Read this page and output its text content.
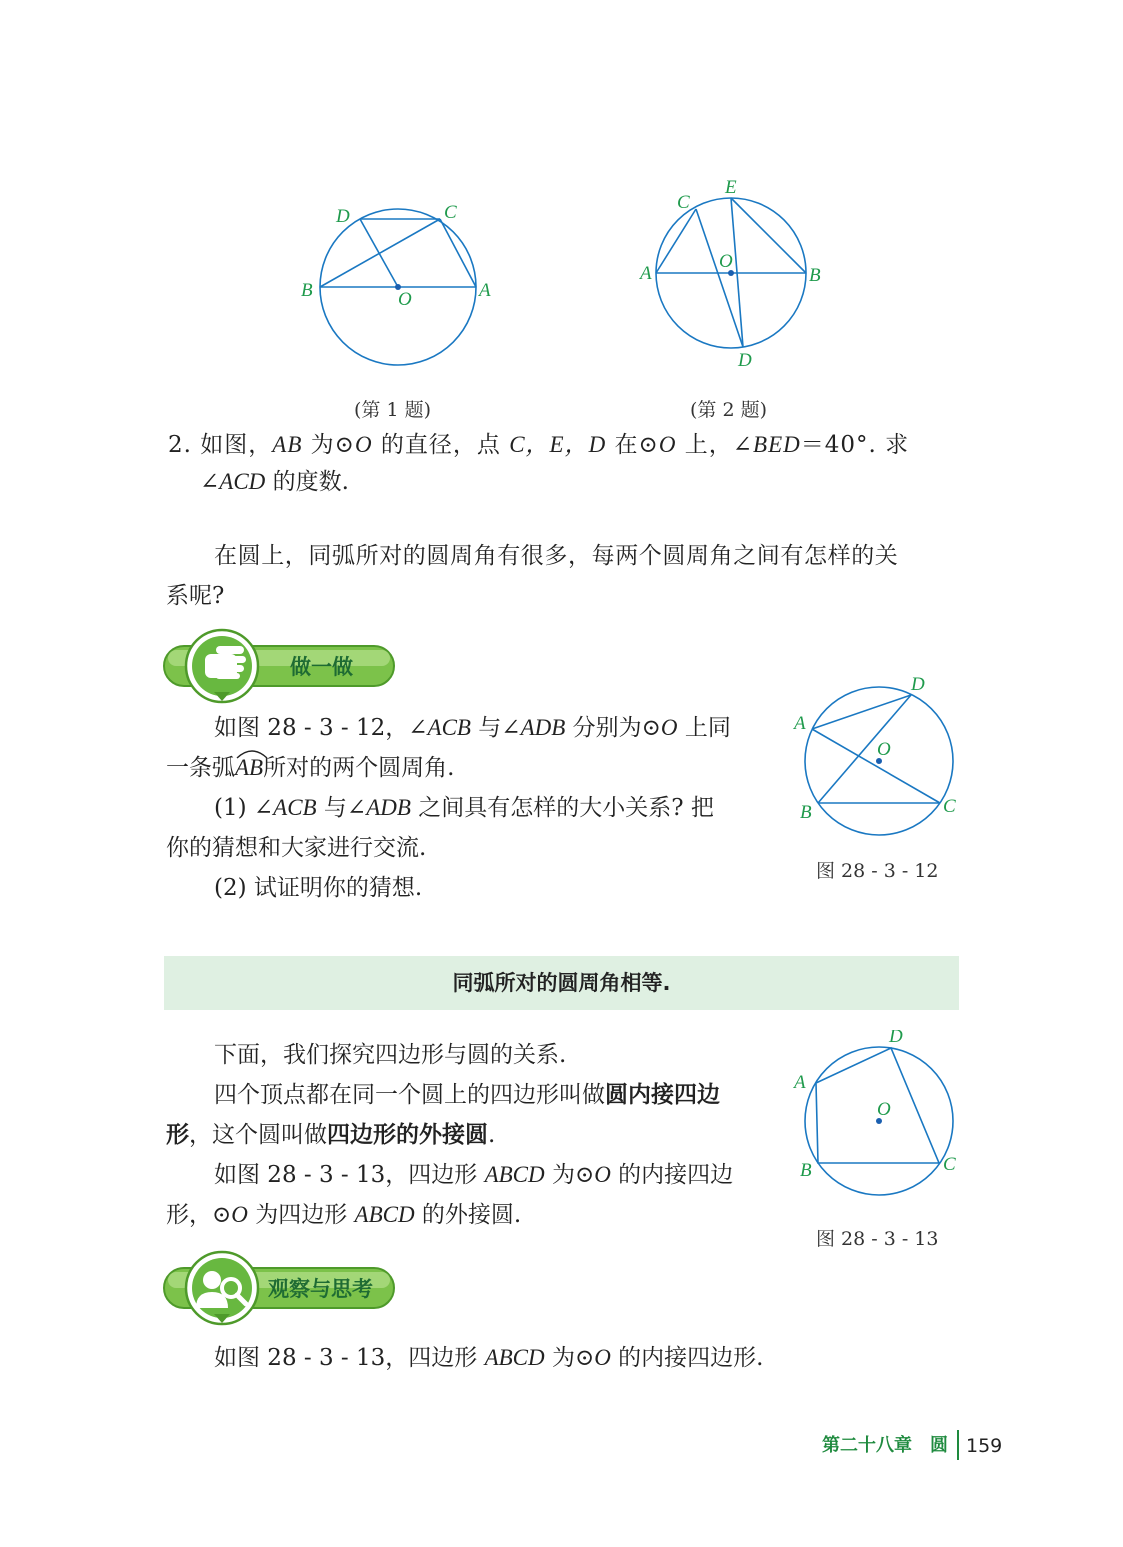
D	C
B	O	A
(第 1 题)
C
E
A
O
B
D
(第 2 题)
2. 如图，AB 为⊙O 的直径，点 C，E，D 在⊙O 上，∠BED＝40°. 求
∠ACD 的度数.
在圆上，同弧所对的圆周角有很多，每两个圆周角之间有怎样的关
系呢?
做一做
如图 28 - 3 - 12，∠ACB 与∠ADB 分别为⊙O 上同
一条弧AB
所对的两个圆周角.
(1) ∠ACB 与∠ADB 之间具有怎样的大小关系? 把
你的猜想和大家进行交流.
(2) 试证明你的猜想.
A
D
O
B	C
图 28 - 3 - 12
同弧所对的圆周角相等.
下面，我们探究四边形与圆的关系.
四个顶点都在同一个圆上的四边形叫做圆内接四边
形，这个圆叫做四边形的外接圆.
如图 28 - 3 - 13，四边形 ABCD 为⊙O 的内接四边
形，⊙O 为四边形 ABCD 的外接圆.
A
D
O
B	C
图 28 - 3 - 13
观察与思考
如图 28 - 3 - 13，四边形 ABCD 为⊙O 的内接四边形.
第二十八章　圆 159
